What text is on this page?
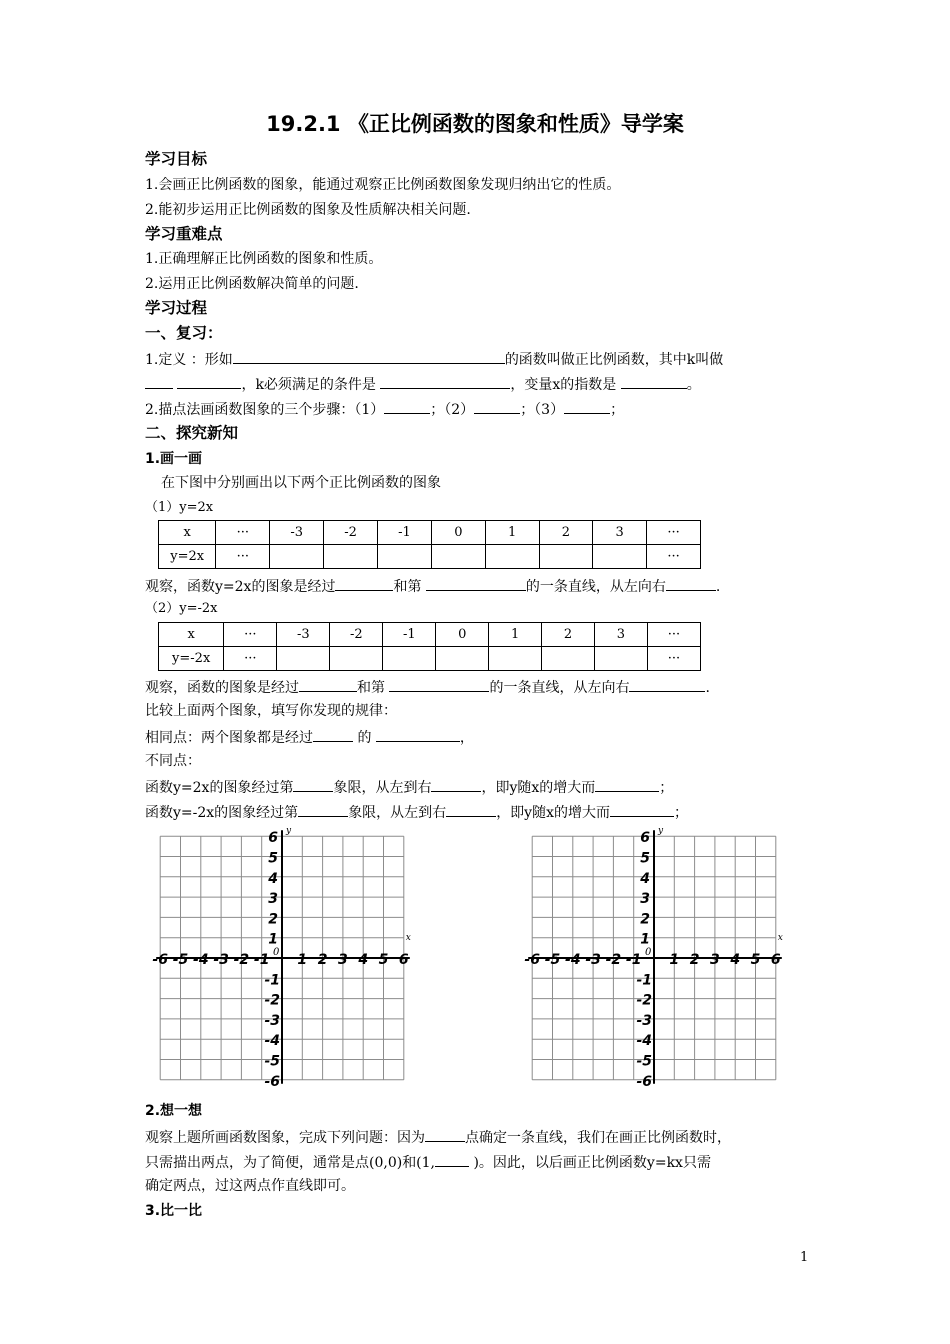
19.2.1 《正比例函数的图象和性质》导学案
学习目标
1.会画正比例函数的图象，能通过观察正比例函数图象发现归纳出它的性质。
2.能初步运用正比例函数的图象及性质解决相关问题.
学习重难点
1.正确理解正比例函数的图象和性质。
2.运用正比例函数解决简单的问题.
学习过程
一、复习：
1.定义 ：形如	的函数叫做正比例函数，其中k叫做
，k必须满足的条件是	，变量x的指数是	。
2.描点法画函数图象的三个步骤：（1）	；（2）	；（3）	；
二、探究新知
1.画一画
在下图中分别画出以下两个正比例函数的图象
（1）y=2x
x	···	-3	-2	-1	0	1	2	3	···
y=2x	···								···
观察，函数y=2x的图象是经过	和第	的一条直线，从左向右	.
（2）y=-2x
x	···	-3	-2	-1	0	1	2	3	···
y=-2x	···								···
观察，函数的图象是经过	和第	的一条直线，从左向右	.
比较上面两个图象，填写你发现的规律：
相同点：两个图象都是经过	的	，
不同点：
函数y=2x的图象经过第	象限，从左到右	，即y随x的增大而	；
函数y=-2x的图象经过第	象限，从左到右	，即y随x的增大而	；
-6 -5 -4 -3 -2 -1 1 2 3 4 5 6
6
5
4
3
2
1
-1
-2
-3
-4
-5
-6
x
y
0	-6 -5 -4 -3 -2 -1 1 2 3 4 5 6
6
5
4
3
2
1
-1
-2
-3
-4
-5
-6
x
y
0
2.想一想
观察上题所画函数图象，完成下列问题：因为	点确定一条直线，我们在画正比例函数时，
只需描出两点，为了简便，通常是点(0,0)和(1,	)。因此，以后画正比例函数y=kx只需
确定两点，过这两点作直线即可。
3.比一比
1
